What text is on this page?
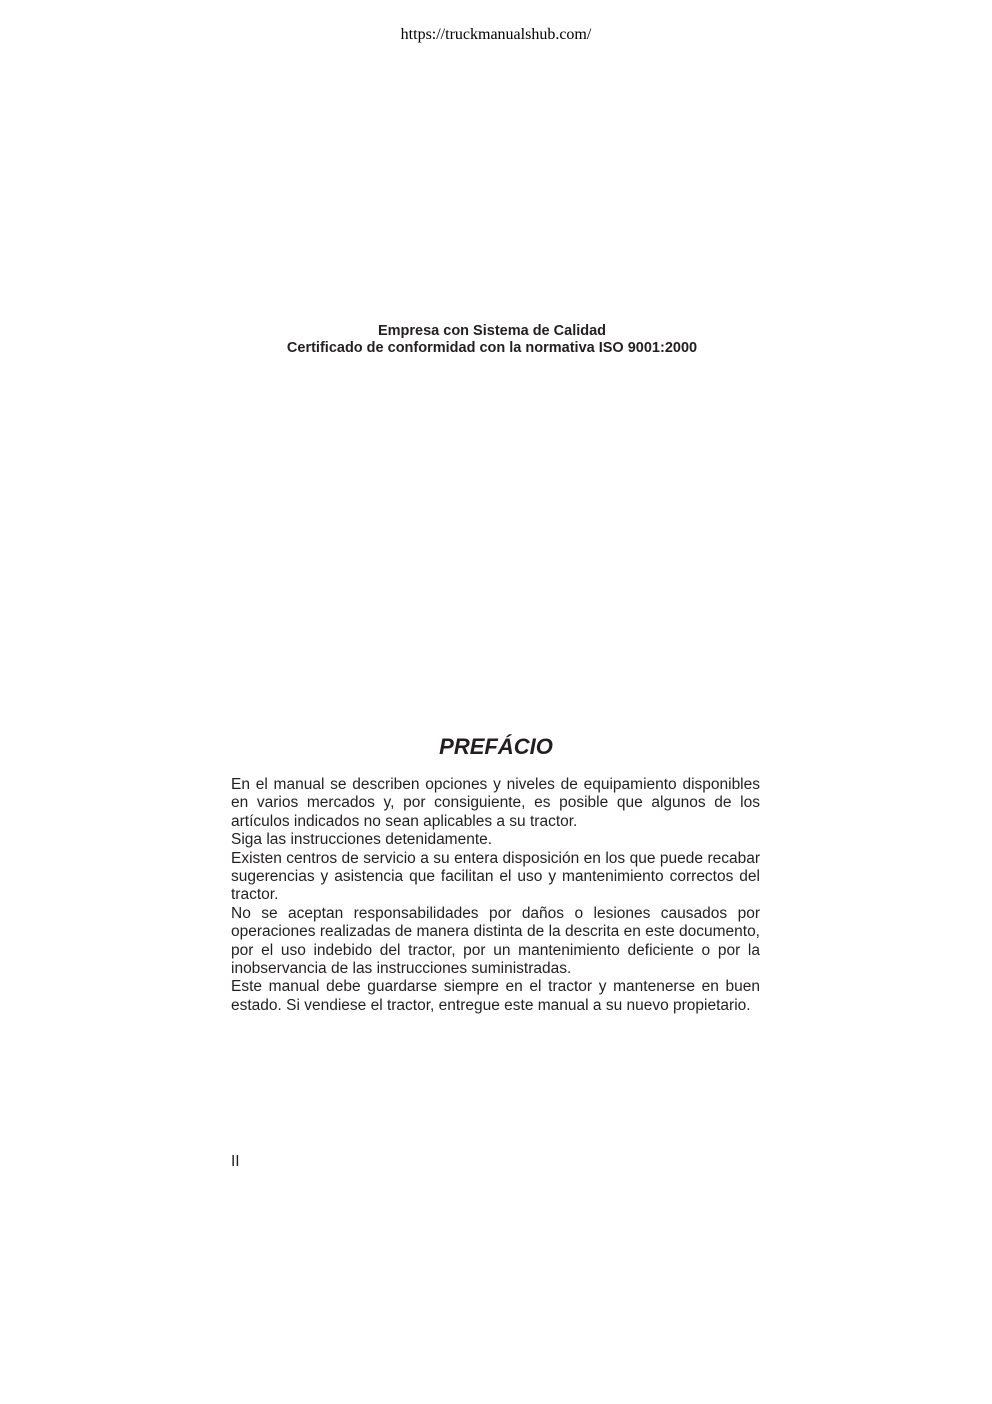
https://truckmanualshub.com/
Empresa con Sistema de Calidad
Certificado de conformidad con la normativa ISO 9001:2000
PREFÁCIO
En el manual se describen opciones y niveles de equipamiento disponibles en varios mercados y, por consiguiente, es posible que algunos de los artículos indicados no sean aplicables a su tractor.
Siga las instrucciones detenidamente.
Existen centros de servicio a su entera disposición en los que puede recabar sugerencias y asistencia que facilitan el uso y mantenimiento correctos del tractor.
No se aceptan responsabilidades por daños o lesiones causados por operaciones realizadas de manera distinta de la descrita en este documento, por el uso indebido del tractor, por un mantenimiento deficiente o por la inobservancia de las instrucciones suministradas.
Este manual debe guardarse siempre en el tractor y mantenerse en buen estado. Si vendiese el tractor, entregue este manual a su nuevo propietario.
II
